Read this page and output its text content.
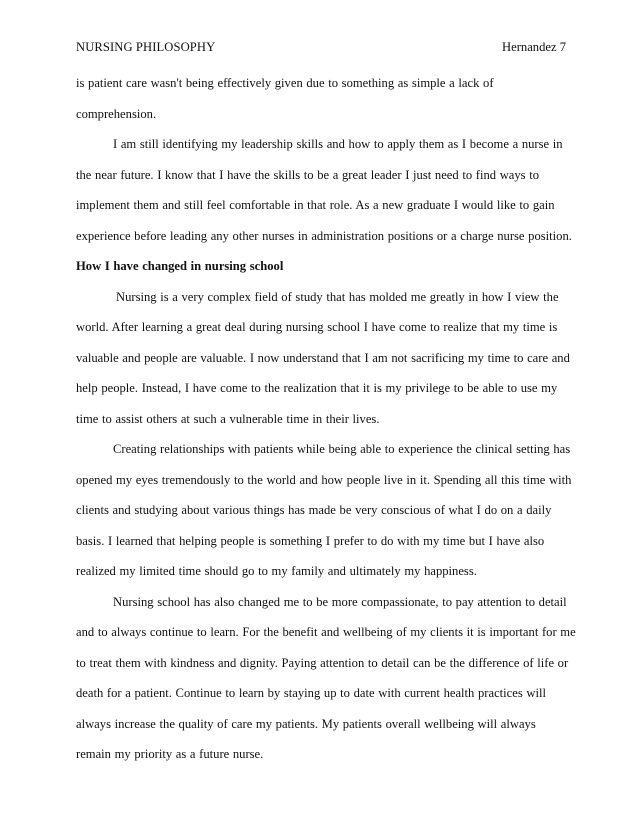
NURSING PHILOSOPHY	Hernandez 7
is patient care wasn't being effectively given due to something as simple a lack of
comprehension.
I am still identifying my leadership skills and how to apply them as I become a nurse in
the near future. I know that I have the skills to be a great leader I just need to find ways to
implement them and still feel comfortable in that role. As a new graduate I would like to gain
experience before leading any other nurses in administration positions or a charge nurse position.
How I have changed in nursing school
Nursing is a very complex field of study that has molded me greatly in how I view the
world. After learning a great deal during nursing school I have come to realize that my time is
valuable and people are valuable. I now understand that I am not sacrificing my time to care and
help people. Instead, I have come to the realization that it is my privilege to be able to use my
time to assist others at such a vulnerable time in their lives.
Creating relationships with patients while being able to experience the clinical setting has
opened my eyes tremendously to the world and how people live in it. Spending all this time with
clients and studying about various things has made be very conscious of what I do on a daily
basis. I learned that helping people is something I prefer to do with my time but I have also
realized my limited time should go to my family and ultimately my happiness.
Nursing school has also changed me to be more compassionate, to pay attention to detail
and to always continue to learn. For the benefit and wellbeing of my clients it is important for me
to treat them with kindness and dignity. Paying attention to detail can be the difference of life or
death for a patient. Continue to learn by staying up to date with current health practices will
always increase the quality of care my patients. My patients overall wellbeing will always
remain my priority as a future nurse.
